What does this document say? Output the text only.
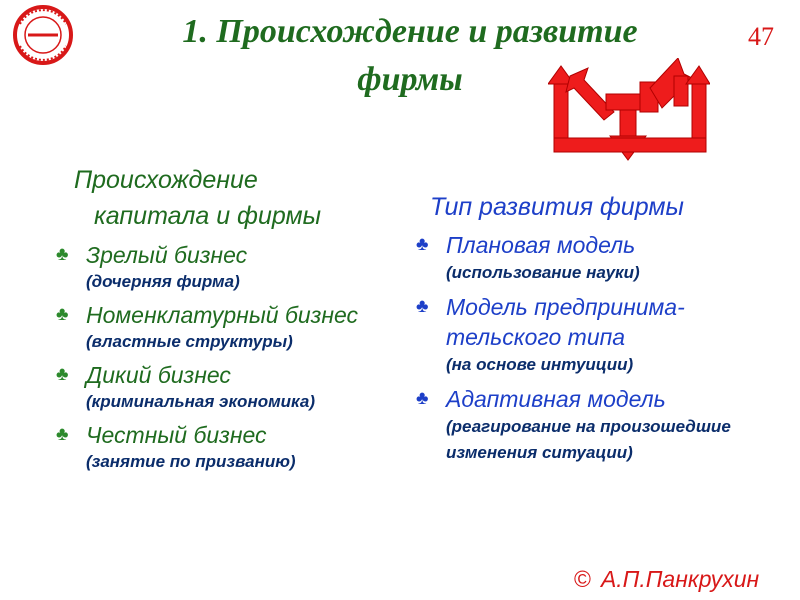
1. Происхождение и развитие
фирмы
47
Происхождение
капитала и фирмы
♣ Зрелый бизнес
(дочерняя фирма)
♣ Номенклатурный бизнес
(властные структуры)
♣ Дикий бизнес
(криминальная экономика)
♣ Честный бизнес
(занятие по призванию)
Тип развития фирмы
♣ Плановая модель
(использование науки)
♣ Модель предпринима-тельского типа
(на основе интуиции)
♣ Адаптивная модель
(реагирование на произошедшие изменения ситуации)
© А.П.Панкрухин
